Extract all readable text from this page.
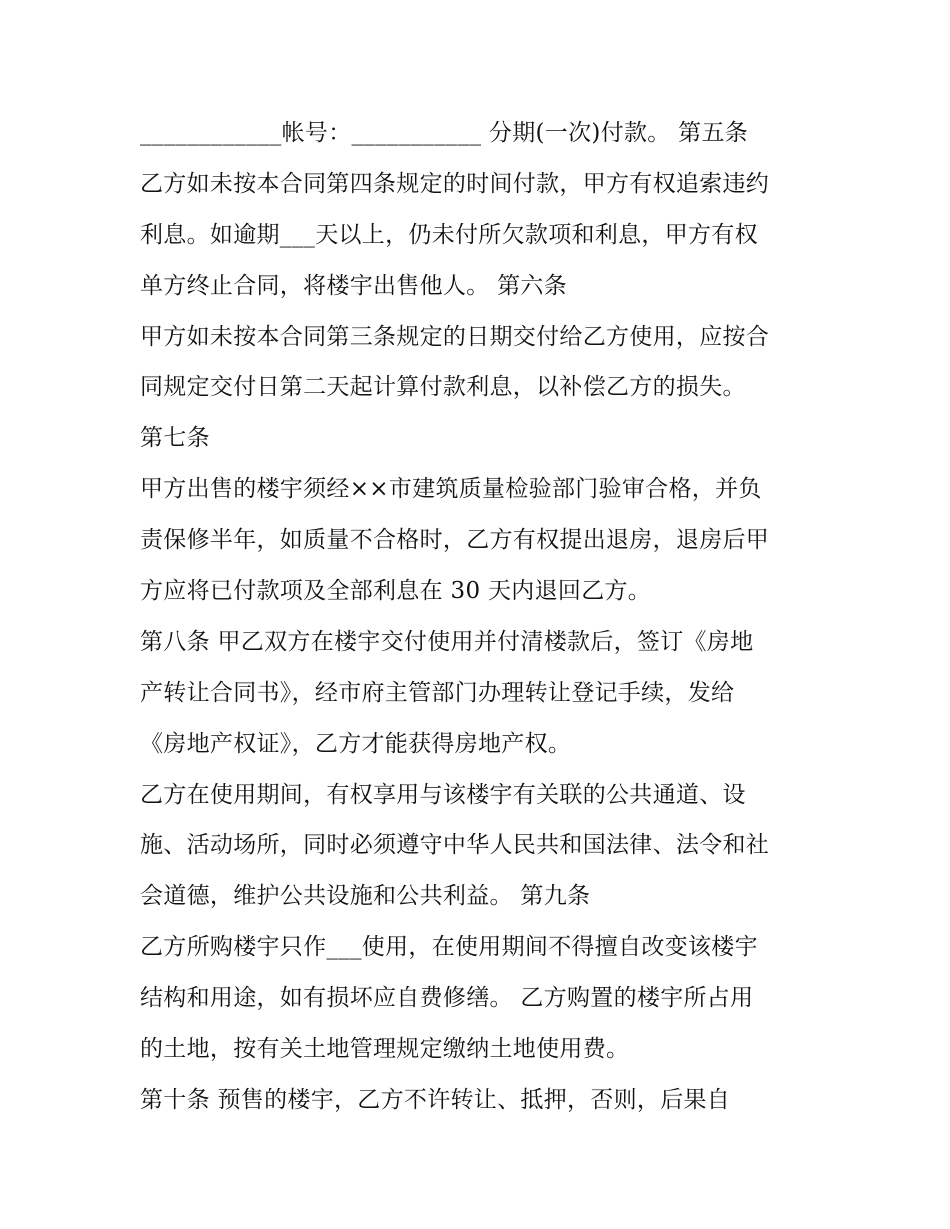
____________帐号：___________ 分期(一次)付款。 第五条
乙方如未按本合同第四条规定的时间付款，甲方有权追索违约
利息。如逾期___天以上，仍未付所欠款项和利息，甲方有权
单方终止合同，将楼宇出售他人。 第六条
甲方如未按本合同第三条规定的日期交付给乙方使用，应按合
同规定交付日第二天起计算付款利息，以补偿乙方的损失。
第七条
甲方出售的楼宇须经××市建筑质量检验部门验审合格，并负
责保修半年，如质量不合格时，乙方有权提出退房，退房后甲
方应将已付款项及全部利息在 30 天内退回乙方。
第八条 甲乙双方在楼宇交付使用并付清楼款后，签订《房地
产转让合同书》，经市府主管部门办理转让登记手续，发给
《房地产权证》，乙方才能获得房地产权。
乙方在使用期间，有权享用与该楼宇有关联的公共通道、设
施、活动场所，同时必须遵守中华人民共和国法律、法令和社
会道德，维护公共设施和公共利益。 第九条
乙方所购楼宇只作___使用，在使用期间不得擅自改变该楼宇
结构和用途，如有损坏应自费修缮。 乙方购置的楼宇所占用
的土地，按有关土地管理规定缴纳土地使用费。
第十条 预售的楼宇，乙方不许转让、抵押，否则，后果自
